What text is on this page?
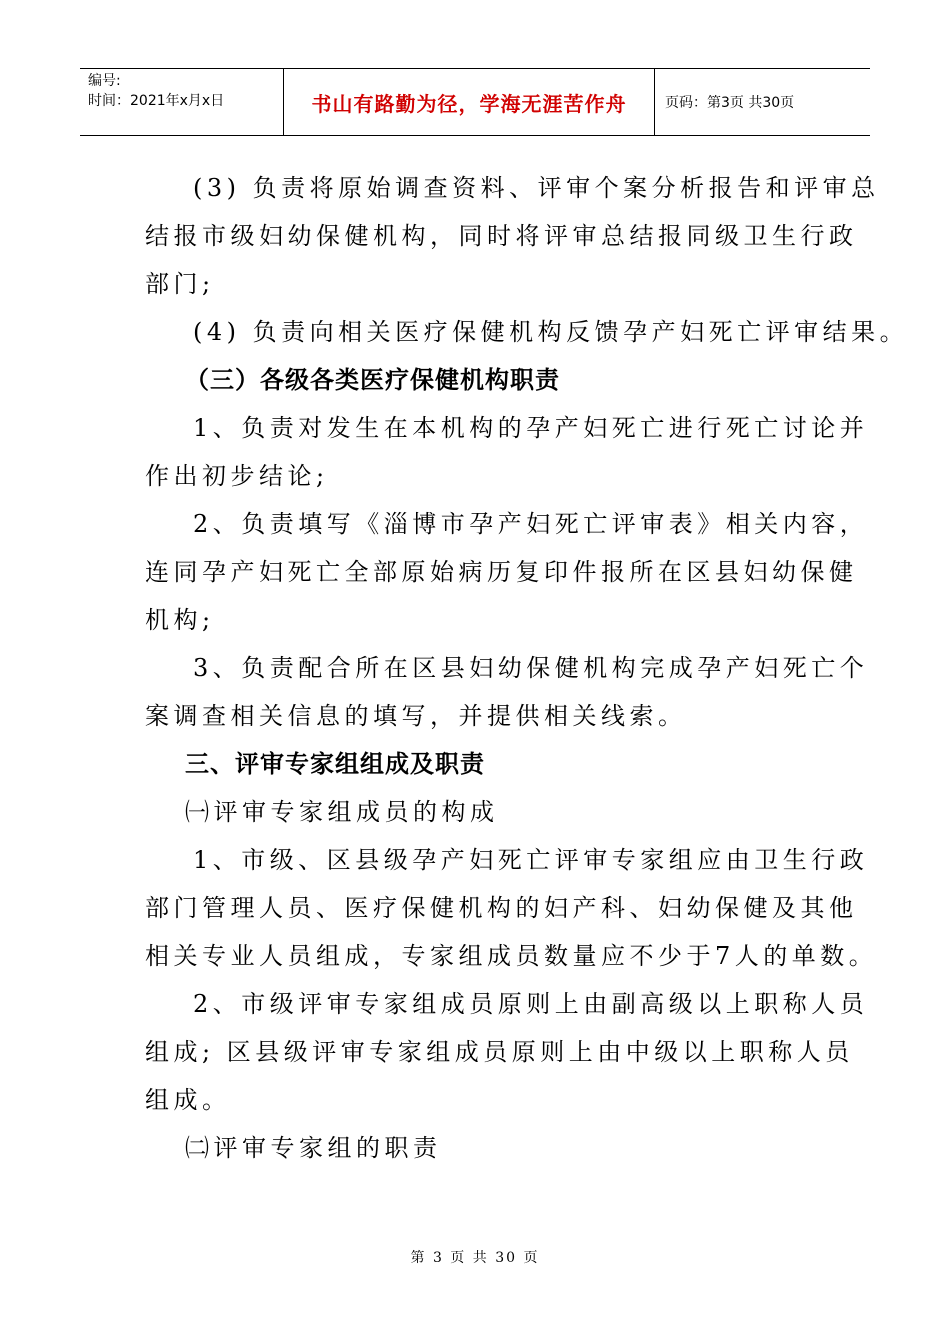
编号:
时间：2021年x月x日	书山有路勤为径，学海无涯苦作舟	页码：第3页 共30页

(3) 负责将原始调查资料、评审个案分析报告和评审总

结报市级妇幼保健机构，同时将评审总结报同级卫生行政

部门;

(4) 负责向相关医疗保健机构反馈孕产妇死亡评审结果。

（三）各级各类医疗保健机构职责

1、负责对发生在本机构的孕产妇死亡进行死亡讨论并

作出初步结论;

2、负责填写《淄博市孕产妇死亡评审表》相关内容，

连同孕产妇死亡全部原始病历复印件报所在区县妇幼保健

机构;

3、负责配合所在区县妇幼保健机构完成孕产妇死亡个

案调查相关信息的填写，并提供相关线索。

三、评审专家组组成及职责

㈠评审专家组成员的构成

1、市级、区县级孕产妇死亡评审专家组应由卫生行政

部门管理人员、医疗保健机构的妇产科、妇幼保健及其他

相关专业人员组成，专家组成员数量应不少于7人的单数。

2、市级评审专家组成员原则上由副高级以上职称人员

组成; 区县级评审专家组成员原则上由中级以上职称人员

组成。

㈡评审专家组的职责

第 3 页 共 30 页
